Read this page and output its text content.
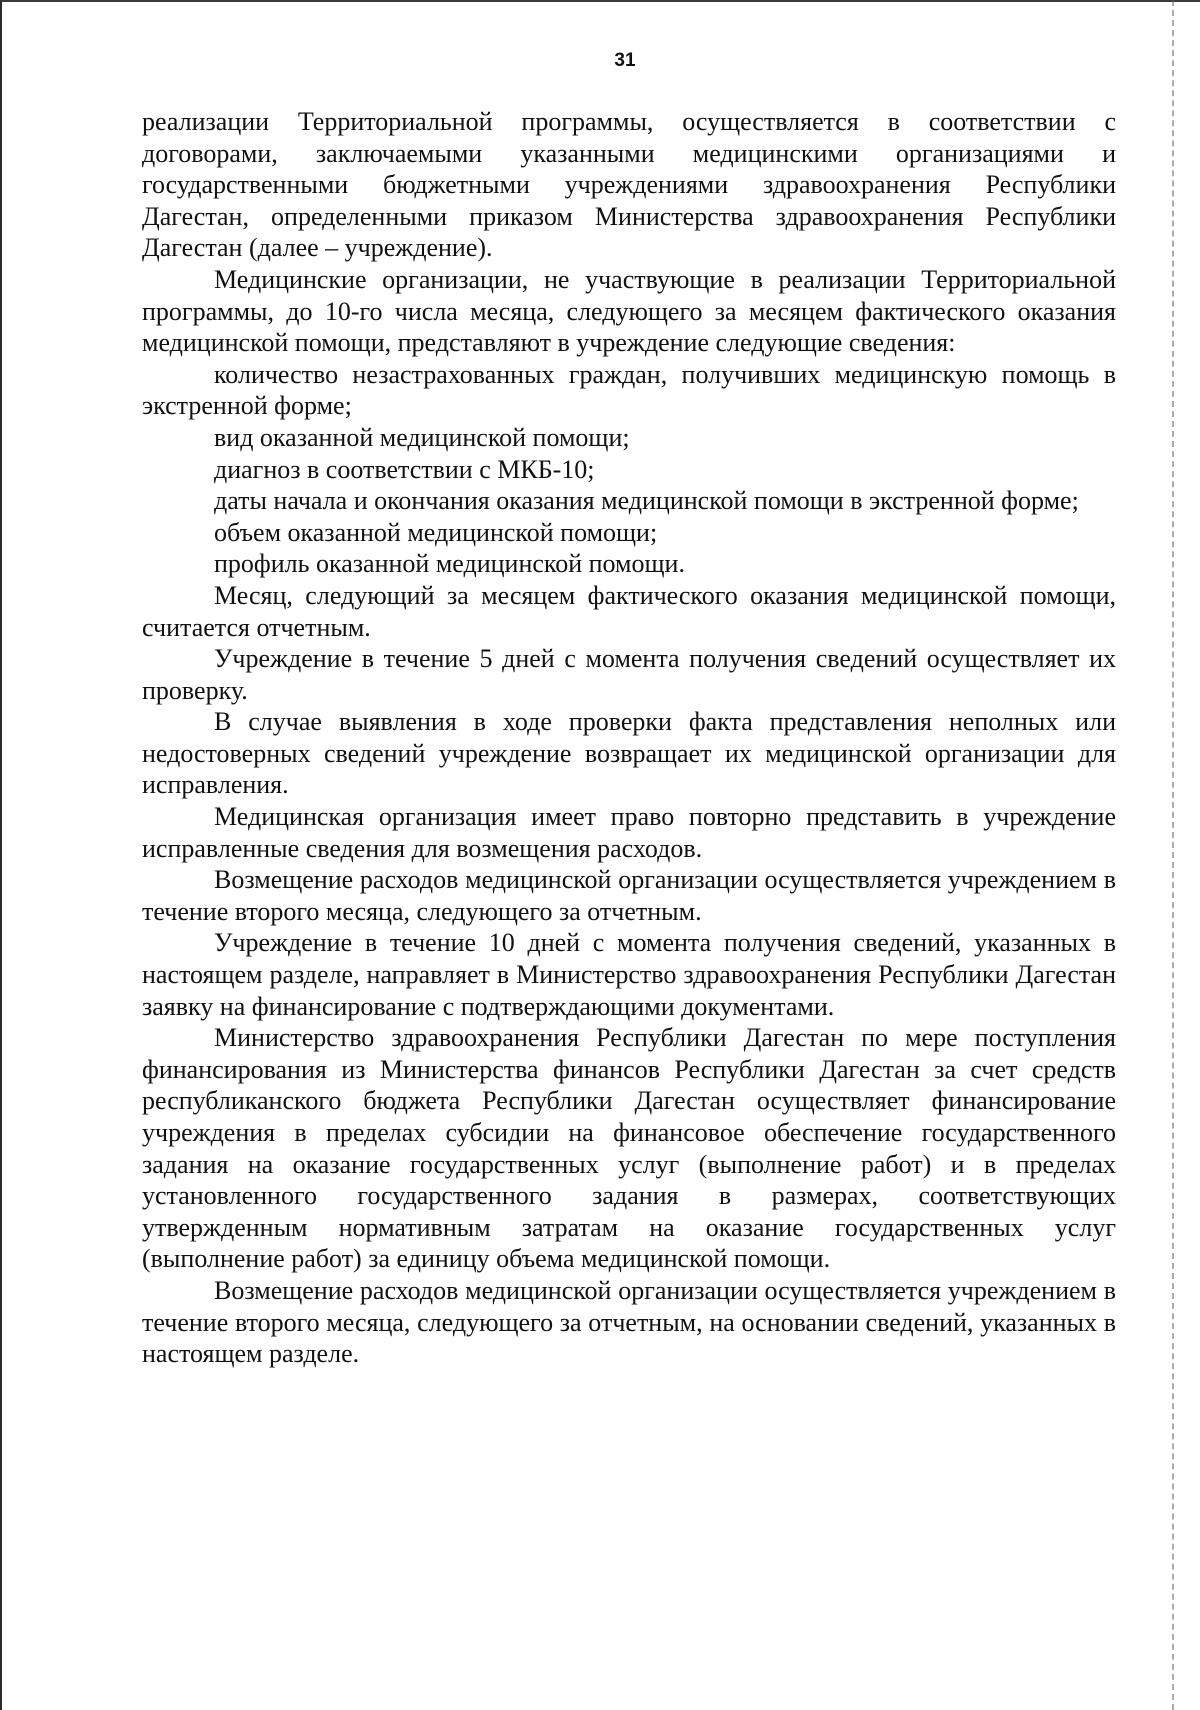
31

реализации Территориальной программы, осуществляется в соответствии с договорами, заключаемыми указанными медицинскими организациями и государственными бюджетными учреждениями здравоохранения Республики Дагестан, определенными приказом Министерства здравоохранения Республики Дагестан (далее – учреждение).

Медицинские организации, не участвующие в реализации Территориальной программы, до 10-го числа месяца, следующего за месяцем фактического оказания медицинской помощи, представляют в учреждение следующие сведения:

количество незастрахованных граждан, получивших медицинскую помощь в экстренной форме;

вид оказанной медицинской помощи;

диагноз в соответствии с МКБ-10;

даты начала и окончания оказания медицинской помощи в экстренной форме;

объем оказанной медицинской помощи;

профиль оказанной медицинской помощи.

Месяц, следующий за месяцем фактического оказания медицинской помощи, считается отчетным.

Учреждение в течение 5 дней с момента получения сведений осуществляет их проверку.

В случае выявления в ходе проверки факта представления неполных или недостоверных сведений учреждение возвращает их медицинской организации для исправления.

Медицинская организация имеет право повторно представить в учреждение исправленные сведения для возмещения расходов.

Возмещение расходов медицинской организации осуществляется учреждением в течение второго месяца, следующего за отчетным.

Учреждение в течение 10 дней с момента получения сведений, указанных в настоящем разделе, направляет в Министерство здравоохранения Республики Дагестан заявку на финансирование с подтверждающими документами.

Министерство здравоохранения Республики Дагестан по мере поступления финансирования из Министерства финансов Республики Дагестан за счет средств республиканского бюджета Республики Дагестан осуществляет финансирование учреждения в пределах субсидии на финансовое обеспечение государственного задания на оказание государственных услуг (выполнение работ) и в пределах установленного государственного задания в размерах, соответствующих утвержденным нормативным затратам на оказание государственных услуг (выполнение работ) за единицу объема медицинской помощи.

Возмещение расходов медицинской организации осуществляется учреждением в течение второго месяца, следующего за отчетным, на основании сведений, указанных в настоящем разделе.
